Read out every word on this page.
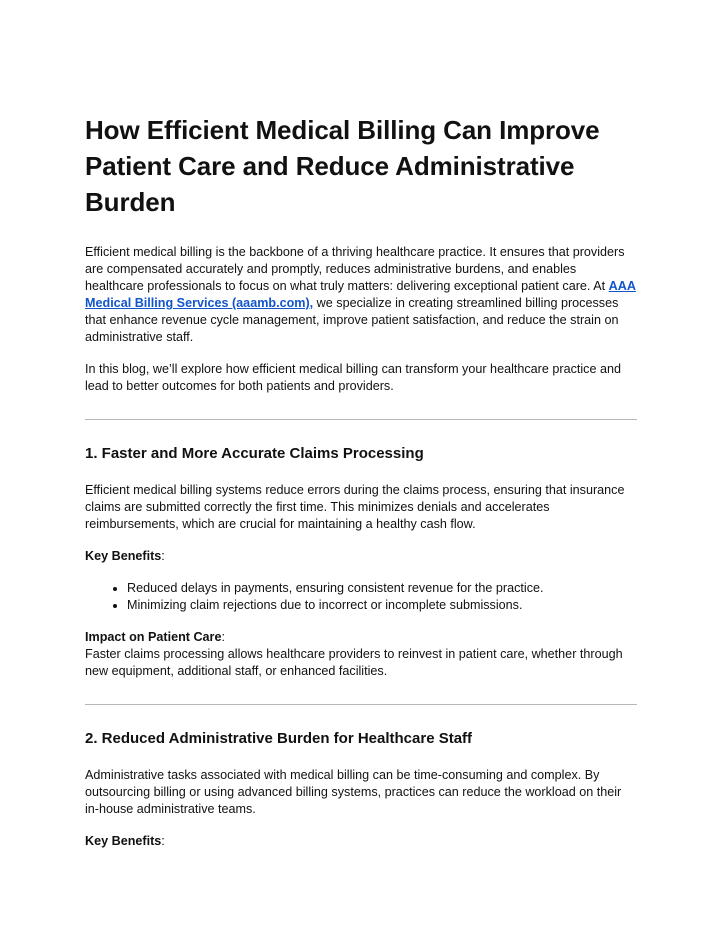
How Efficient Medical Billing Can Improve Patient Care and Reduce Administrative Burden

Efficient medical billing is the backbone of a thriving healthcare practice. It ensures that providers are compensated accurately and promptly, reduces administrative burdens, and enables healthcare professionals to focus on what truly matters: delivering exceptional patient care. At AAA Medical Billing Services (aaamb.com), we specialize in creating streamlined billing processes that enhance revenue cycle management, improve patient satisfaction, and reduce the strain on administrative staff.

In this blog, we’ll explore how efficient medical billing can transform your healthcare practice and lead to better outcomes for both patients and providers.

1. Faster and More Accurate Claims Processing

Efficient medical billing systems reduce errors during the claims process, ensuring that insurance claims are submitted correctly the first time. This minimizes denials and accelerates reimbursements, which are crucial for maintaining a healthy cash flow.

Key Benefits:

• Reduced delays in payments, ensuring consistent revenue for the practice.
• Minimizing claim rejections due to incorrect or incomplete submissions.

Impact on Patient Care:
Faster claims processing allows healthcare providers to reinvest in patient care, whether through new equipment, additional staff, or enhanced facilities.

2. Reduced Administrative Burden for Healthcare Staff

Administrative tasks associated with medical billing can be time-consuming and complex. By outsourcing billing or using advanced billing systems, practices can reduce the workload on their in-house administrative teams.

Key Benefits:
